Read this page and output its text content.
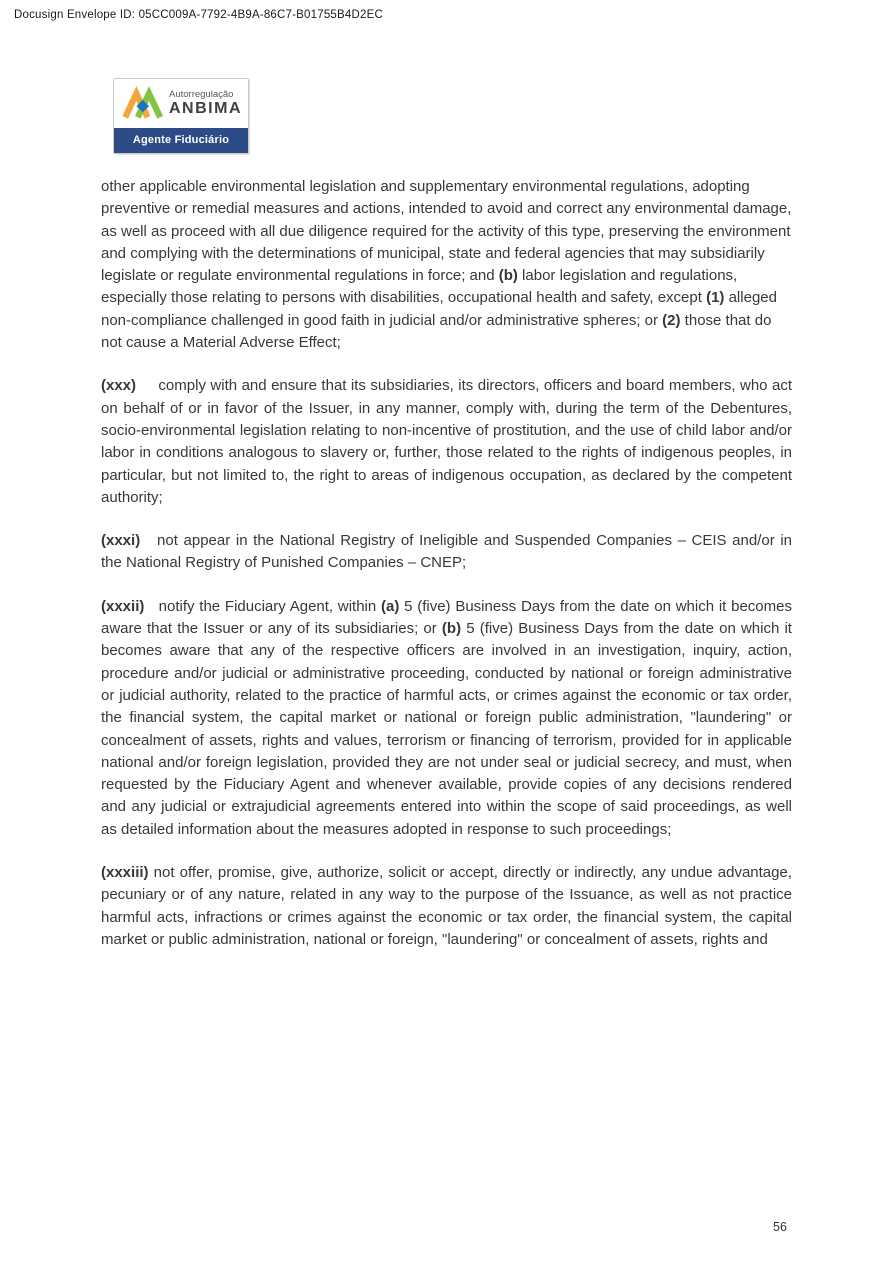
Docusign Envelope ID: 05CC009A-7792-4B9A-86C7-B01755B4D2EC
Autorregulação
ANBIMA
Agente Fiduciário

other applicable environmental legislation and supplementary environmental regulations, adopting preventive or remedial measures and actions, intended to avoid and correct any environmental damage, as well as proceed with all due diligence required for the activity of this type, preserving the environment and complying with the determinations of municipal, state and federal agencies that may subsidiarily legislate or regulate environmental regulations in force; and (b) labor legislation and regulations, especially those relating to persons with disabilities, occupational health and safety, except (1) alleged non-compliance challenged in good faith in judicial and/or administrative spheres; or (2) those that do not cause a Material Adverse Effect;

(xxx)     comply with and ensure that its subsidiaries, its directors, officers and board members, who act on behalf of or in favor of the Issuer, in any manner, comply with, during the term of the Debentures, socio-environmental legislation relating to non-incentive of prostitution, and the use of child labor and/or labor in conditions analogous to slavery or, further, those related to the rights of indigenous peoples, in particular, but not limited to, the right to areas of indigenous occupation, as declared by the competent authority;

(xxxi)   not appear in the National Registry of Ineligible and Suspended Companies – CEIS and/or in the National Registry of Punished Companies – CNEP;

(xxxii)   notify the Fiduciary Agent, within (a) 5 (five) Business Days from the date on which it becomes aware that the Issuer or any of its subsidiaries; or (b) 5 (five) Business Days from the date on which it becomes aware that any of the respective officers are involved in an investigation, inquiry, action, procedure and/or judicial or administrative proceeding, conducted by national or foreign administrative or judicial authority, related to the practice of harmful acts, or crimes against the economic or tax order, the financial system, the capital market or national or foreign public administration, "laundering" or concealment of assets, rights and values, terrorism or financing of terrorism, provided for in applicable national and/or foreign legislation, provided they are not under seal or judicial secrecy, and must, when requested by the Fiduciary Agent and whenever available, provide copies of any decisions rendered and any judicial or extrajudicial agreements entered into within the scope of said proceedings, as well as detailed information about the measures adopted in response to such proceedings;

(xxxiii) not offer, promise, give, authorize, solicit or accept, directly or indirectly, any undue advantage, pecuniary or of any nature, related in any way to the purpose of the Issuance, as well as not practice harmful acts, infractions or crimes against the economic or tax order, the financial system, the capital market or public administration, national or foreign, "laundering" or concealment of assets, rights and

56
